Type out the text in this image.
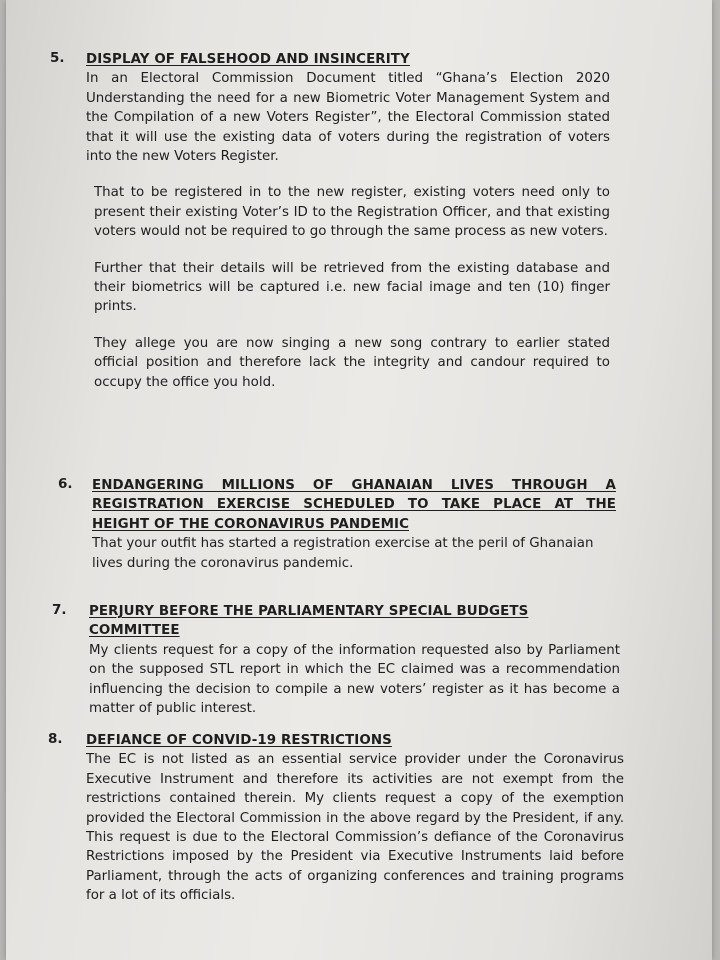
5. DISPLAY OF FALSEHOOD AND INSINCERITY

In an Electoral Commission Document titled “Ghana’s Election 2020 Understanding the need for a new Biometric Voter Management System and the Compilation of a new Voters Register”, the Electoral Commission stated that it will use the existing data of voters during the registration of voters into the new Voters Register.

That to be registered in to the new register, existing voters need only to present their existing Voter’s ID to the Registration Officer, and that existing voters would not be required to go through the same process as new voters.

Further that their details will be retrieved from the existing database and their biometrics will be captured i.e. new facial image and ten (10) finger prints.

They allege you are now singing a new song contrary to earlier stated official position and therefore lack the integrity and candour required to occupy the office you hold.

6. ENDANGERING MILLIONS OF GHANAIAN LIVES THROUGH A REGISTRATION EXERCISE SCHEDULED TO TAKE PLACE AT THE HEIGHT OF THE CORONAVIRUS PANDEMIC

That your outfit has started a registration exercise at the peril of Ghanaian lives during the coronavirus pandemic.

7. PERJURY BEFORE THE PARLIAMENTARY SPECIAL BUDGETS COMMITTEE

My clients request for a copy of the information requested also by Parliament on the supposed STL report in which the EC claimed was a recommendation influencing the decision to compile a new voters’ register as it has become a matter of public interest.

8. DEFIANCE OF CONVID-19 RESTRICTIONS

The EC is not listed as an essential service provider under the Coronavirus Executive Instrument and therefore its activities are not exempt from the restrictions contained therein. My clients request a copy of the exemption provided the Electoral Commission in the above regard by the President, if any. This request is due to the Electoral Commission’s defiance of the Coronavirus Restrictions imposed by the President via Executive Instruments laid before Parliament, through the acts of organizing conferences and training programs for a lot of its officials.
